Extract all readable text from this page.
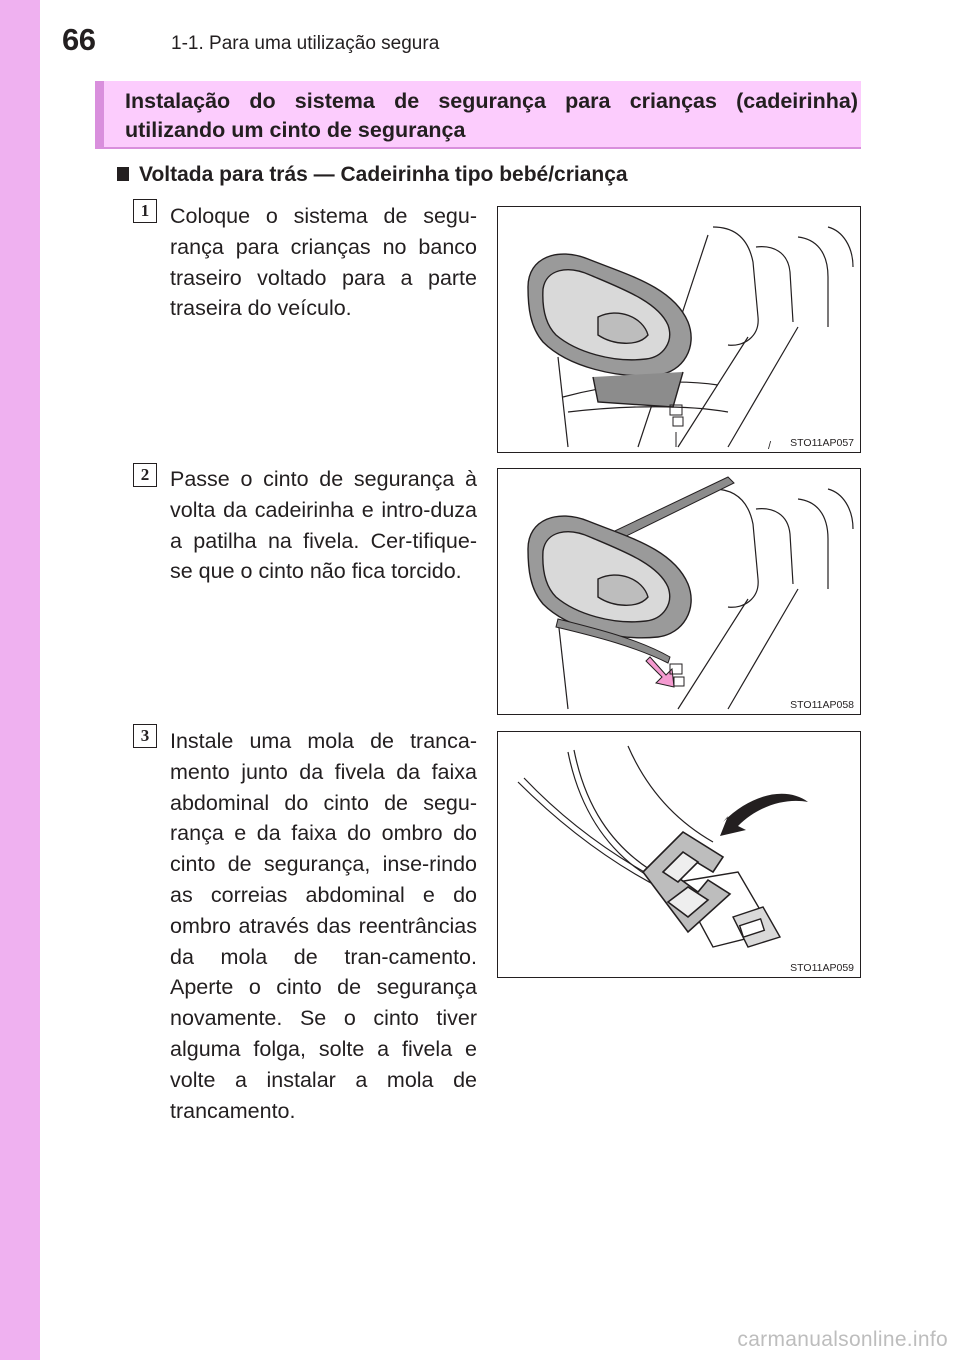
66	1-1. Para uma utilização segura
Instalação do sistema de segurança para crianças (cadeirinha) utilizando um cinto de segurança
Voltada para trás — Cadeirinha tipo bebé/criança
1 Coloque o sistema de segu-rança para crianças no banco traseiro voltado para a parte traseira do veículo.
/ STO11AP057
2 Passe o cinto de segurança à volta da cadeirinha e intro-duza a patilha na fivela. Cer-tifique-se que o cinto não fica torcido.
STO11AP058
3 Instale uma mola de tranca-mento junto da fivela da faixa abdominal do cinto de segu-rança e da faixa do ombro do cinto de segurança, inse-rindo as correias abdominal e do ombro através das reentrâncias da mola de tran-camento. Aperte o cinto de segurança novamente. Se o cinto tiver alguma folga, solte a fivela e volte a instalar a mola de trancamento.
STO11AP059
carmanualsonline.info
